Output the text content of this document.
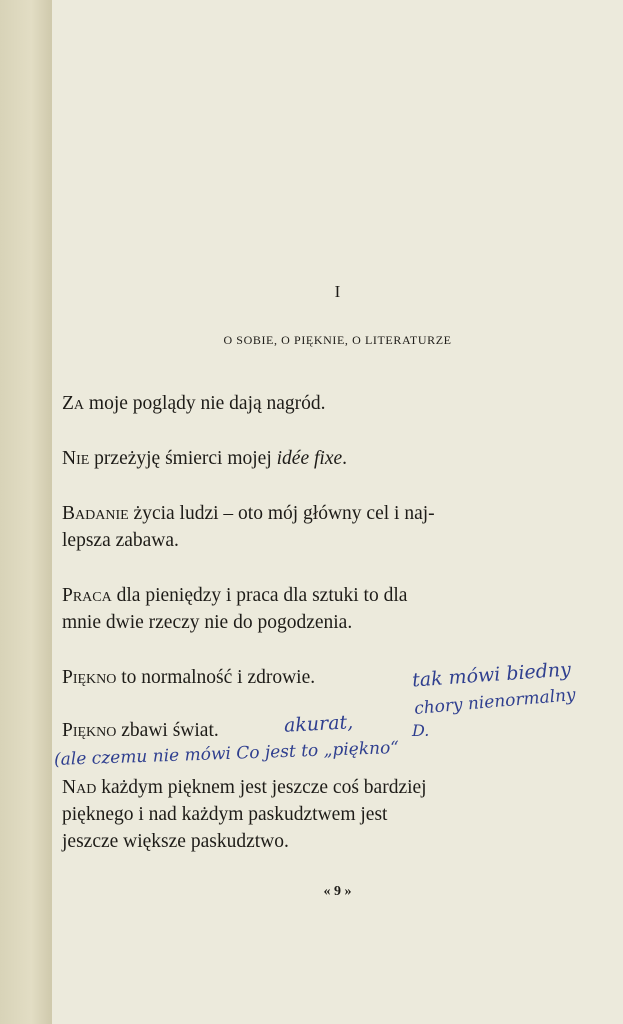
I
O SOBIE, O PIĘKNIE, O LITERATURZE
Za moje poglądy nie dają nagród.
Nie przeżyję śmierci mojej idée fixe.
Badanie życia ludzi – oto mój główny cel i naj-
lepsza zabawa.
Praca dla pieniędzy i praca dla sztuki to dla
mnie dwie rzeczy nie do pogodzenia.
Piękno to normalność i zdrowie.
Piękno zbawi świat.
Nad każdym pięknem jest jeszcze coś bardziej
pięknego i nad każdym paskudztwem jest
jeszcze większe paskudztwo.
tak mówi biedny
chory nienormalny
akurat,	D.
(ale czemu nie mówi Co jest to „piękno“
« 9 »
